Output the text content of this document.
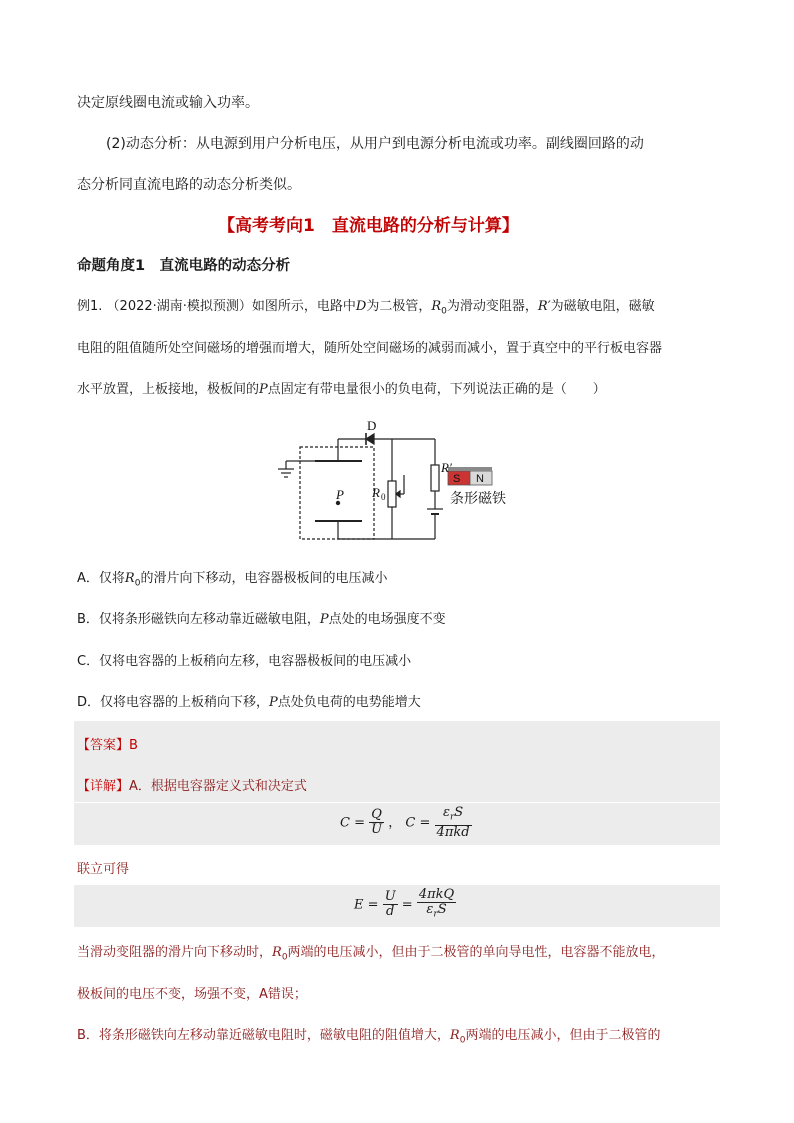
决定原线圈电流或输入功率。
(2)动态分析：从电源到用户分析电压，从用户到电源分析电流或功率。副线圈回路的动
态分析同直流电路的动态分析类似。
【高考考向1　直流电路的分析与计算】
命题角度1　直流电路的动态分析
例1. （2022·湖南·模拟预测）如图所示，电路中D为二极管，$R_0$为滑动变阻器，R′为磁敏电阻，磁敏
电阻的阻值随所处空间磁场的增强而增大，随所处空间磁场的减弱而减小，置于真空中的平行板电容器
水平放置，上板接地，极板间的P点固定有带电量很小的负电荷，下列说法正确的是（　　）
S N
条形磁铁
D
P R 0
R′
A．仅将$R_0$的滑片向下移动，电容器极板间的电压减小
B．仅将条形磁铁向左移动靠近磁敏电阻，P点处的电场强度不变
C．仅将电容器的上板稍向左移，电容器极板间的电压减小
D．仅将电容器的上板稍向下移，P点处负电荷的电势能增大
【答案】B
【详解】A．根据电容器定义式和决定式
$C = \frac{Q}{U}$ ， $C = \frac{\varepsilon_rS}{\text{4πkd}}$
联立可得
$E = \frac{U}{d} = \frac{\text{4πkQ}}{\varepsilon_rS}$
当滑动变阻器的滑片向下移动时，$R_0$两端的电压减小，但由于二极管的单向导电性，电容器不能放电，
极板间的电压不变，场强不变，A错误；
B．将条形磁铁向左移动靠近磁敏电阻时，磁敏电阻的阻值增大，$R_0$两端的电压减小，但由于二极管的
